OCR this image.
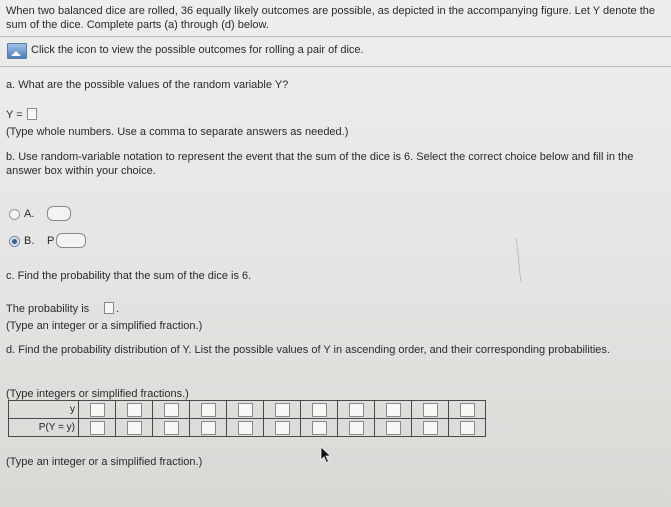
When two balanced dice are rolled, 36 equally likely outcomes are possible, as depicted in the accompanying figure. Let Y denote the sum of the dice. Complete parts (a) through (d) below.
Click the icon to view the possible outcomes for rolling a pair of dice.
a. What are the possible values of the random variable Y?
Y =
(Type whole numbers. Use a comma to separate answers as needed.)
b. Use random-variable notation to represent the event that the sum of the dice is 6. Select the correct choice below and fill in the answer box within your choice.
A.
B. P
c. Find the probability that the sum of the dice is 6.
The probability is .
(Type an integer or a simplified fraction.)
d. Find the probability distribution of Y. List the possible values of Y in ascending order, and their corresponding probabilities.
(Type integers or simplified fractions.)
y											
P(Y = y)											
(Type an integer or a simplified fraction.)
